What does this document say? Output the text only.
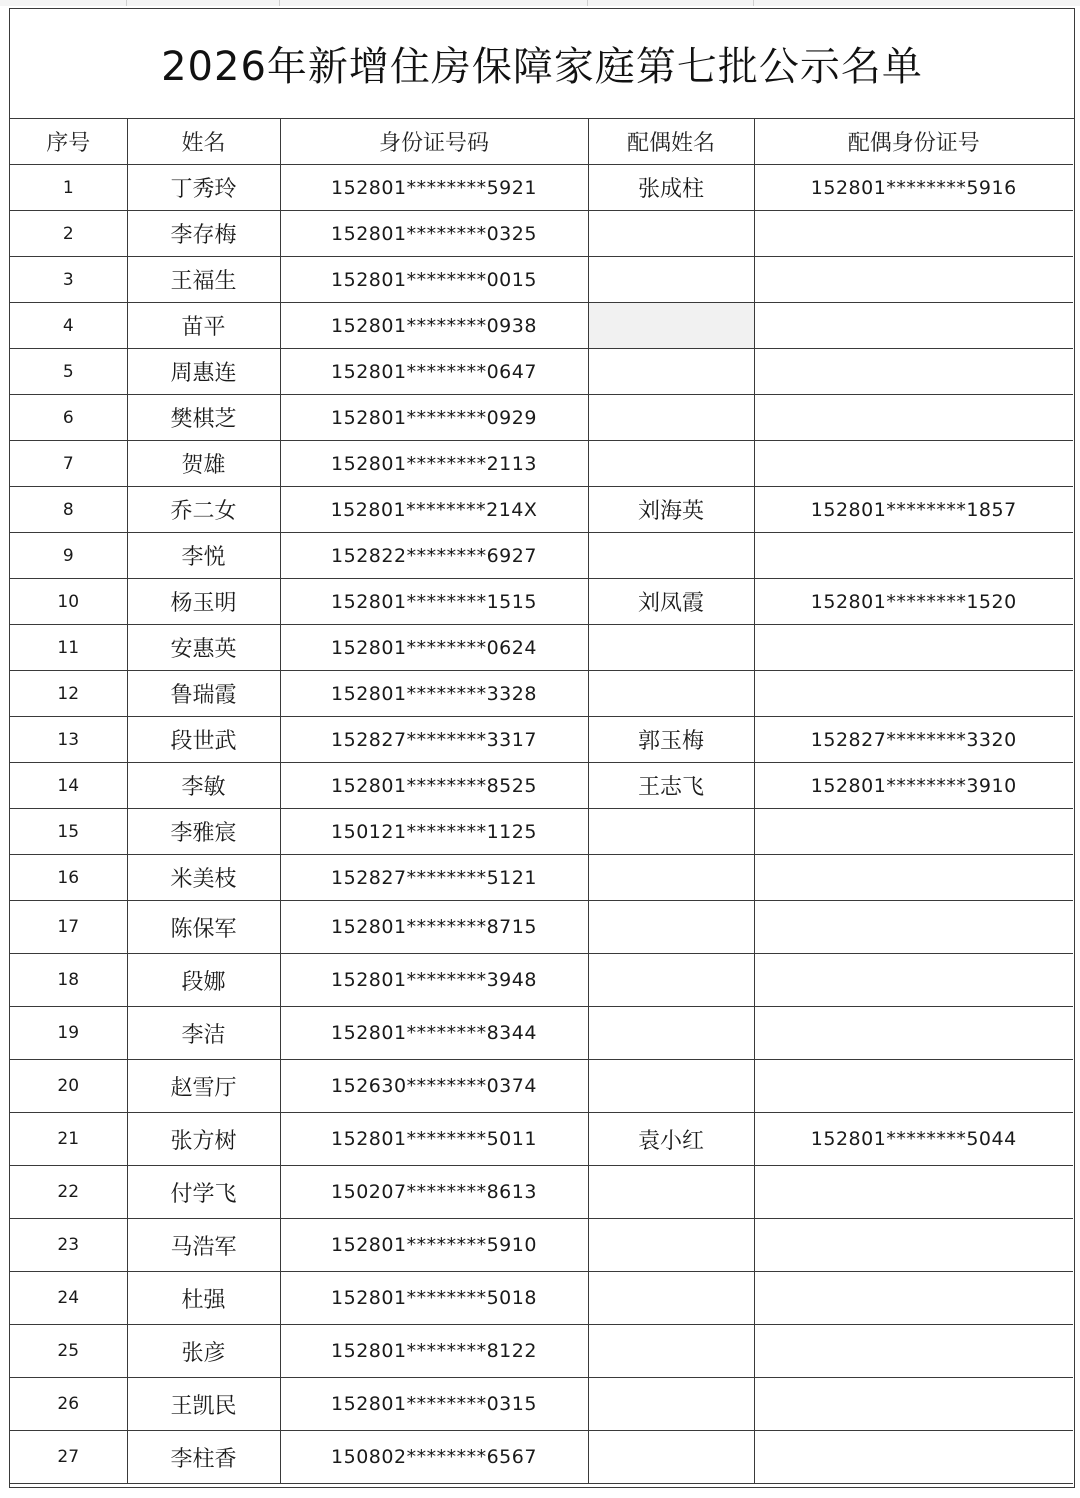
2026年新增住房保障家庭第七批公示名单
序号	姓名	身份证号码	配偶姓名	配偶身份证号
1	丁秀玲	152801********5921	张成柱	152801********5916
2	李存梅	152801********0325		
3	王福生	152801********0015		
4	苗平	152801********0938		
5	周惠连	152801********0647		
6	樊棋芝	152801********0929		
7	贺雄	152801********2113		
8	乔二女	152801********214X	刘海英	152801********1857
9	李悦	152822********6927		
10	杨玉明	152801********1515	刘凤霞	152801********1520
11	安惠英	152801********0624		
12	鲁瑞霞	152801********3328		
13	段世武	152827********3317	郭玉梅	152827********3320
14	李敏	152801********8525	王志飞	152801********3910
15	李雅宸	150121********1125		
16	米美枝	152827********5121		
17	陈保军	152801********8715		
18	段娜	152801********3948		
19	李洁	152801********8344		
20	赵雪厅	152630********0374		
21	张方树	152801********5011	袁小红	152801********5044
22	付学飞	150207********8613		
23	马浩军	152801********5910		
24	杜强	152801********5018		
25	张彦	152801********8122		
26	王凯民	152801********0315		
27	李柱香	150802********6567		
